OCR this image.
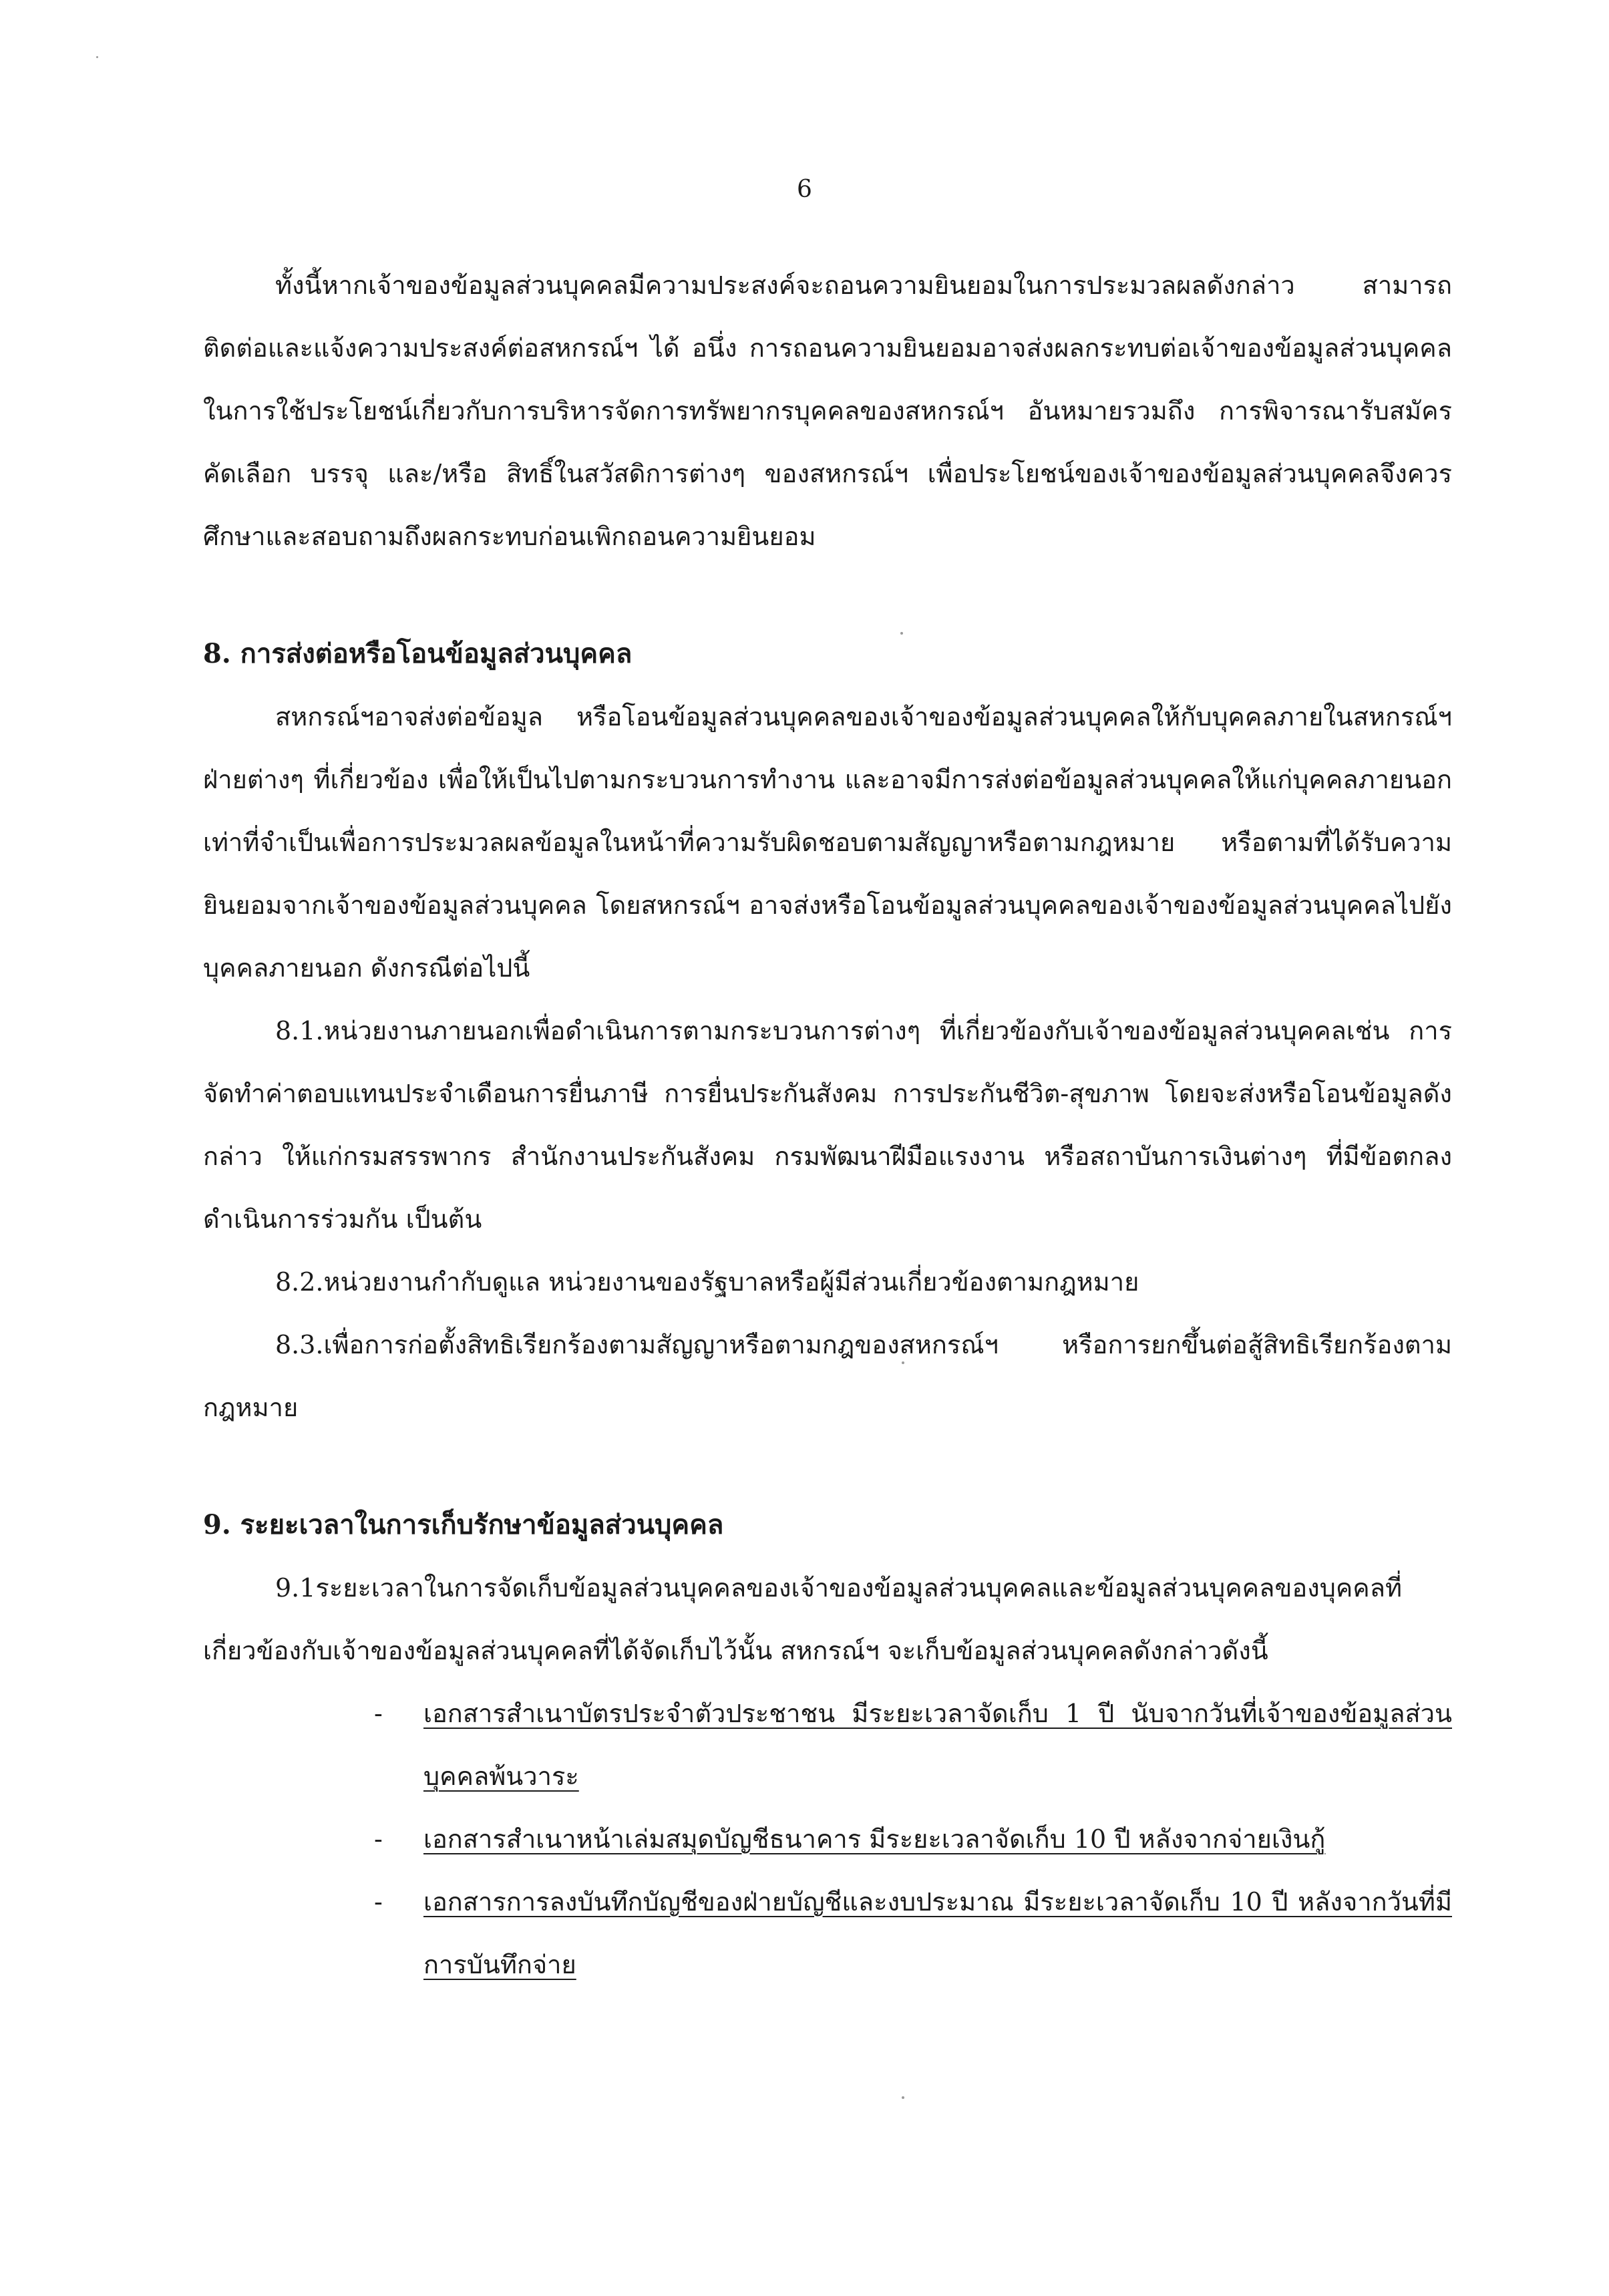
6

ทั้งนี้หากเจ้าของข้อมูลส่วนบุคคลมีความประสงค์จะถอนความยินยอมในการประมวลผลดังกล่าว สามารถติดต่อและแจ้งความประสงค์ต่อสหกรณ์ฯ ได้ อนึ่ง การถอนความยินยอมอาจส่งผลกระทบต่อเจ้าของข้อมูลส่วนบุคคลในการใช้ประโยชน์เกี่ยวกับการบริหารจัดการทรัพยากรบุคคลของสหกรณ์ฯ อันหมายรวมถึง การพิจารณารับสมัคร คัดเลือก บรรจุ และ/หรือ สิทธิ์ในสวัสดิการต่างๆ ของสหกรณ์ฯ เพื่อประโยชน์ของเจ้าของข้อมูลส่วนบุคคลจึงควรศึกษาและสอบถามถึงผลกระทบก่อนเพิกถอนความยินยอม

8. การส่งต่อหรือโอนข้อมูลส่วนบุคคล

สหกรณ์ฯอาจส่งต่อข้อมูล หรือโอนข้อมูลส่วนบุคคลของเจ้าของข้อมูลส่วนบุคคลให้กับบุคคลภายในสหกรณ์ฯ ฝ่ายต่างๆ ที่เกี่ยวข้อง เพื่อให้เป็นไปตามกระบวนการทำงาน และอาจมีการส่งต่อข้อมูลส่วนบุคคลให้แก่บุคคลภายนอกเท่าที่จำเป็นเพื่อการประมวลผลข้อมูลในหน้าที่ความรับผิดชอบตามสัญญาหรือตามกฎหมาย หรือตามที่ได้รับความยินยอมจากเจ้าของข้อมูลส่วนบุคคล โดยสหกรณ์ฯ อาจส่งหรือโอนข้อมูลส่วนบุคคลของเจ้าของข้อมูลส่วนบุคคลไปยังบุคคลภายนอก ดังกรณีต่อไปนี้

8.1.หน่วยงานภายนอกเพื่อดำเนินการตามกระบวนการต่างๆ ที่เกี่ยวข้องกับเจ้าของข้อมูลส่วนบุคคลเช่น การจัดทำค่าตอบแทนประจำเดือนการยื่นภาษี การยื่นประกันสังคม การประกันชีวิต-สุขภาพ โดยจะส่งหรือโอนข้อมูลดังกล่าว ให้แก่กรมสรรพากร สำนักงานประกันสังคม กรมพัฒนาฝีมือแรงงาน หรือสถาบันการเงินต่างๆ ที่มีข้อตกลงดำเนินการร่วมกัน เป็นต้น

8.2.หน่วยงานกำกับดูแล หน่วยงานของรัฐบาลหรือผู้มีส่วนเกี่ยวข้องตามกฎหมาย

8.3.เพื่อการก่อตั้งสิทธิเรียกร้องตามสัญญาหรือตามกฎของสหกรณ์ฯ หรือการยกขึ้นต่อสู้สิทธิเรียกร้องตามกฎหมาย

9. ระยะเวลาในการเก็บรักษาข้อมูลส่วนบุคคล

9.1ระยะเวลาในการจัดเก็บข้อมูลส่วนบุคคลของเจ้าของข้อมูลส่วนบุคคลและข้อมูลส่วนบุคคลของบุคคลที่เกี่ยวข้องกับเจ้าของข้อมูลส่วนบุคคลที่ได้จัดเก็บไว้นั้น สหกรณ์ฯ จะเก็บข้อมูลส่วนบุคคลดังกล่าวดังนี้

- เอกสารสำเนาบัตรประจำตัวประชาชน มีระยะเวลาจัดเก็บ 1 ปี นับจากวันที่เจ้าของข้อมูลส่วนบุคคลพ้นวาระ
- เอกสารสำเนาหน้าเล่มสมุดบัญชีธนาคาร มีระยะเวลาจัดเก็บ 10 ปี หลังจากจ่ายเงินกู้
- เอกสารการลงบันทึกบัญชีของฝ่ายบัญชีและงบประมาณ มีระยะเวลาจัดเก็บ 10 ปี หลังจากวันที่มีการบันทึกจ่าย
